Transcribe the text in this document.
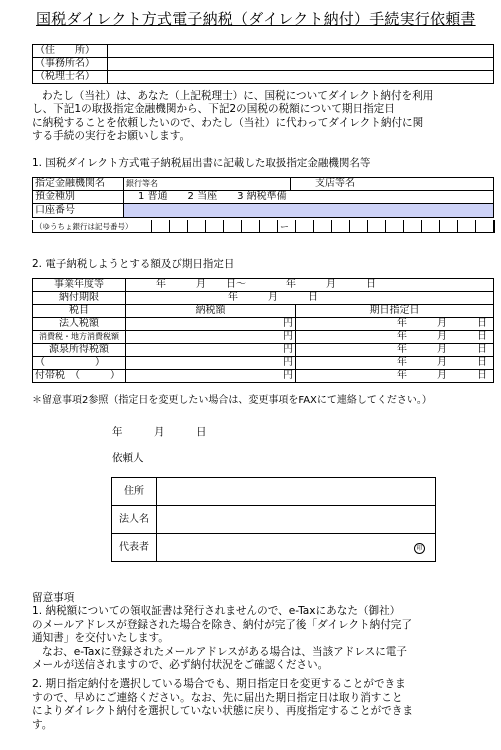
国税ダイレクト方式電子納税（ダイレクト納付）手続実行依頼書
（住　　所）	
（事務所名）	
（税理士名）	
わたし（当社）は、あなた（上記税理士）に、国税についてダイレクト納付を利用
し、下記1の取扱指定金融機関から、下記2の国税の税額について期日指定日
に納税することを依頼したいので、わたし（当社）に代わってダイレクト納付に関
する手続の実行をお願いします。
1. 国税ダイレクト方式電子納税届出書に記載した取扱指定金融機関名等
指定金融機関名	銀行等名	支店等名
預金種別	1 普通　　2 当座　　3 納税準備	
口座番号		
（ゆうちょ銀行は記号番号）	ー
2. 電子納税しようとする額及び期日指定日
事業年度等	年　　　月　　日～　　　　年　　　月　　　日	
納付期限	年　　　月　　　日	
税目	納税額	期日指定日
法人税額	円	年　　　月　　　日
消費税・地方消費税額	円	年　　　月　　　日
源泉所得税額	円	年　　　月　　　日
（　　　　　）	円	年　　　月　　　日
付帯税　（　　　）	円	年　　　月　　　日
＊留意事項2参照（指定日を変更したい場合は、変更事項をFAXにて連絡してください。）
年　　　月　　　日
依頼人
住所	
法人名	
代表者	印
留意事項
1. 納税額についての領収証書は発行されませんので、e-Taxにあなた（御社）
のメールアドレスが登録された場合を除き、納付が完了後「ダイレクト納付完了
通知書」を交付いたします。
なお、e-Taxに登録されたメールアドレスがある場合は、当該アドレスに電子
メールが送信されますので、必ず納付状況をご確認ください。
2. 期日指定納付を選択している場合でも、期日指定日を変更することができま
すので、早めにご連絡ください。なお、先に届出た期日指定日は取り消すこと
によりダイレクト納付を選択していない状態に戻り、再度指定することができま
す。
